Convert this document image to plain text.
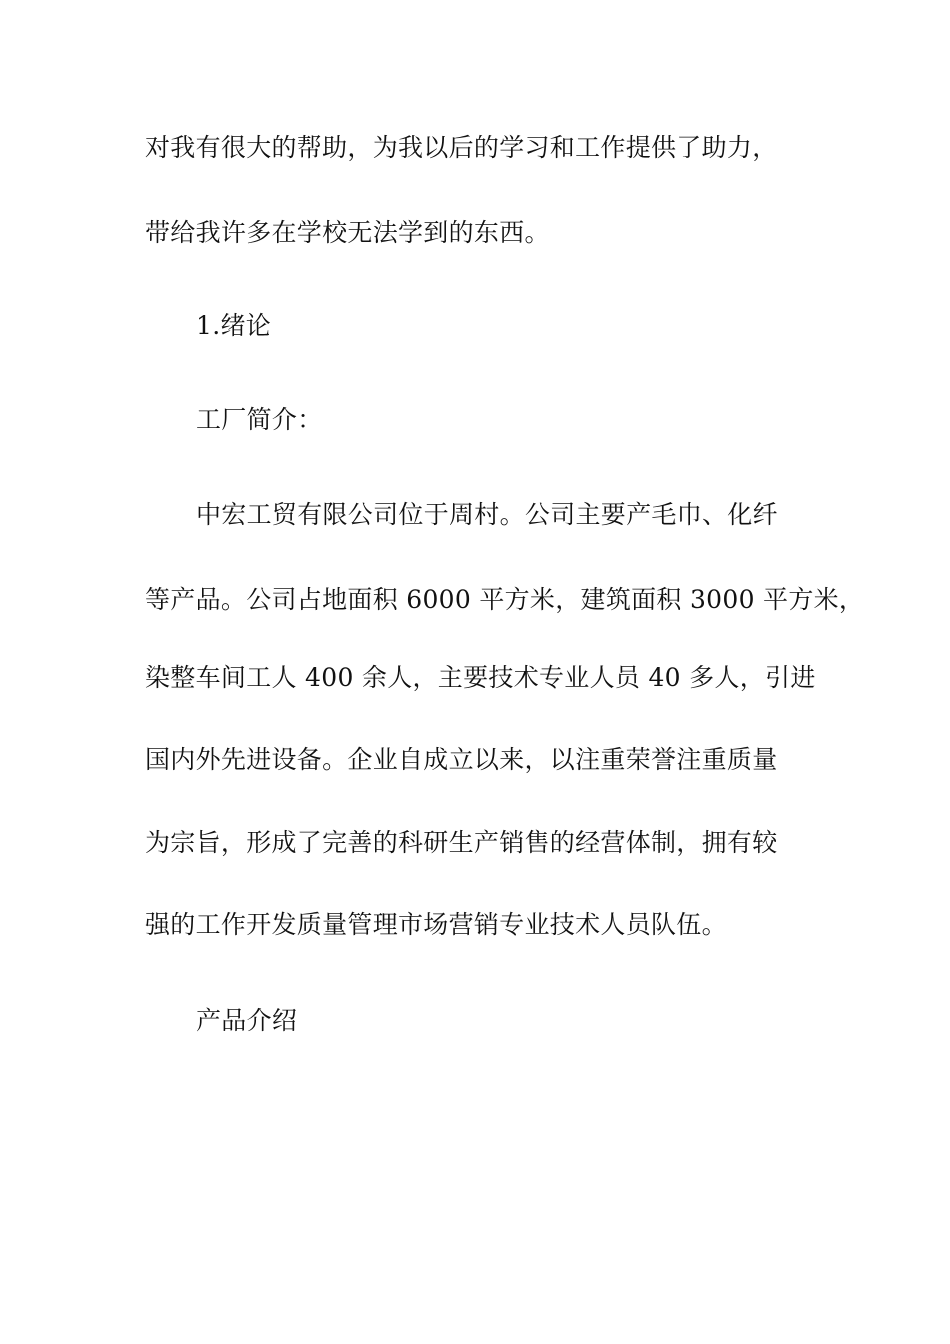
对我有很大的帮助，为我以后的学习和工作提供了助力，
带给我许多在学校无法学到的东西。
1.绪论
工厂简介：
中宏工贸有限公司位于周村。公司主要产毛巾、化纤
等产品。公司占地面积 6000 平方米，建筑面积 3000 平方米，
染整车间工人 400 余人，主要技术专业人员 40 多人，引进
国内外先进设备。企业自成立以来，以注重荣誉注重质量
为宗旨，形成了完善的科研生产销售的经营体制，拥有较
强的工作开发质量管理市场营销专业技术人员队伍。
产品介绍
